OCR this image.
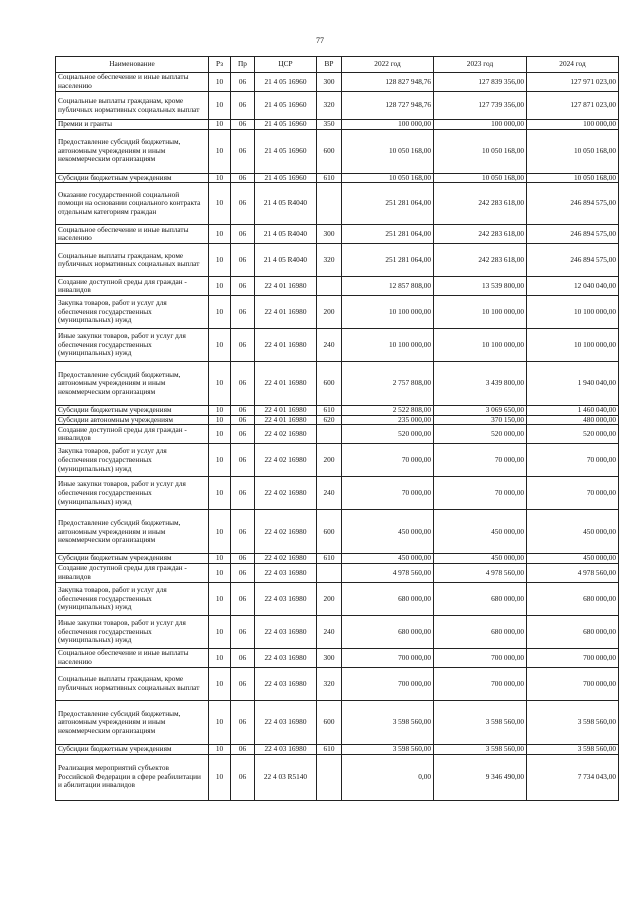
77
Наименование	Рз	Пр	ЦСР	ВР	2022 год	2023 год	2024 год
Социальное обеспечение и иные выплаты населению	10	06	21 4 05 16960	300	128 827 948,76	127 839 356,00	127 971 023,00
Социальные выплаты гражданам, кроме публичных нормативных социальных выплат	10	06	21 4 05 16960	320	128 727 948,76	127 739 356,00	127 871 023,00
Премии и гранты	10	06	21 4 05 16960	350	100 000,00	100 000,00	100 000,00
Предоставление субсидий бюджетным, автономным учреждениям и иным некоммерческим организациям	10	06	21 4 05 16960	600	10 050 168,00	10 050 168,00	10 050 168,00
Субсидии бюджетным учреждениям	10	06	21 4 05 16960	610	10 050 168,00	10 050 168,00	10 050 168,00
Оказание государственной социальной помощи на основании социального контракта отдельным категориям граждан	10	06	21 4 05 R4040		251 281 064,00	242 283 618,00	246 894 575,00
Социальное обеспечение и иные выплаты населению	10	06	21 4 05 R4040	300	251 281 064,00	242 283 618,00	246 894 575,00
Социальные выплаты гражданам, кроме публичных нормативных социальных выплат	10	06	21 4 05 R4040	320	251 281 064,00	242 283 618,00	246 894 575,00
Создание доступной среды для граждан - инвалидов	10	06	22 4 01 16980		12 857 808,00	13 539 800,00	12 040 040,00
Закупка товаров, работ и услуг для обеспечения государственных (муниципальных) нужд	10	06	22 4 01 16980	200	10 100 000,00	10 100 000,00	10 100 000,00
Иные закупки товаров, работ и услуг для обеспечения государственных (муниципальных) нужд	10	06	22 4 01 16980	240	10 100 000,00	10 100 000,00	10 100 000,00
Предоставление субсидий бюджетным, автономным учреждениям и иным некоммерческим организациям	10	06	22 4 01 16980	600	2 757 808,00	3 439 800,00	1 940 040,00
Субсидии бюджетным учреждениям	10	06	22 4 01 16980	610	2 522 808,00	3 069 650,00	1 460 040,00
Субсидии автономным учреждениям	10	06	22 4 01 16980	620	235 000,00	370 150,00	480 000,00
Создание доступной среды для граждан - инвалидов	10	06	22 4 02 16980		520 000,00	520 000,00	520 000,00
Закупка товаров, работ и услуг для обеспечения государственных (муниципальных) нужд	10	06	22 4 02 16980	200	70 000,00	70 000,00	70 000,00
Иные закупки товаров, работ и услуг для обеспечения государственных (муниципальных) нужд	10	06	22 4 02 16980	240	70 000,00	70 000,00	70 000,00
Предоставление субсидий бюджетным, автономным учреждениям и иным некоммерческим организациям	10	06	22 4 02 16980	600	450 000,00	450 000,00	450 000,00
Субсидии бюджетным учреждениям	10	06	22 4 02 16980	610	450 000,00	450 000,00	450 000,00
Создание доступной среды для граждан - инвалидов	10	06	22 4 03 16980		4 978 560,00	4 978 560,00	4 978 560,00
Закупка товаров, работ и услуг для обеспечения государственных (муниципальных) нужд	10	06	22 4 03 16980	200	680 000,00	680 000,00	680 000,00
Иные закупки товаров, работ и услуг для обеспечения государственных (муниципальных) нужд	10	06	22 4 03 16980	240	680 000,00	680 000,00	680 000,00
Социальное обеспечение и иные выплаты населению	10	06	22 4 03 16980	300	700 000,00	700 000,00	700 000,00
Социальные выплаты гражданам, кроме публичных нормативных социальных выплат	10	06	22 4 03 16980	320	700 000,00	700 000,00	700 000,00
Предоставление субсидий бюджетным, автономным учреждениям и иным некоммерческим организациям	10	06	22 4 03 16980	600	3 598 560,00	3 598 560,00	3 598 560,00
Субсидии бюджетным учреждениям	10	06	22 4 03 16980	610	3 598 560,00	3 598 560,00	3 598 560,00
Реализация мероприятий субъектов Российской Федерации в сфере реабилитации и абилитации инвалидов	10	06	22 4 03 R5140		0,00	9 346 490,00	7 734 043,00
